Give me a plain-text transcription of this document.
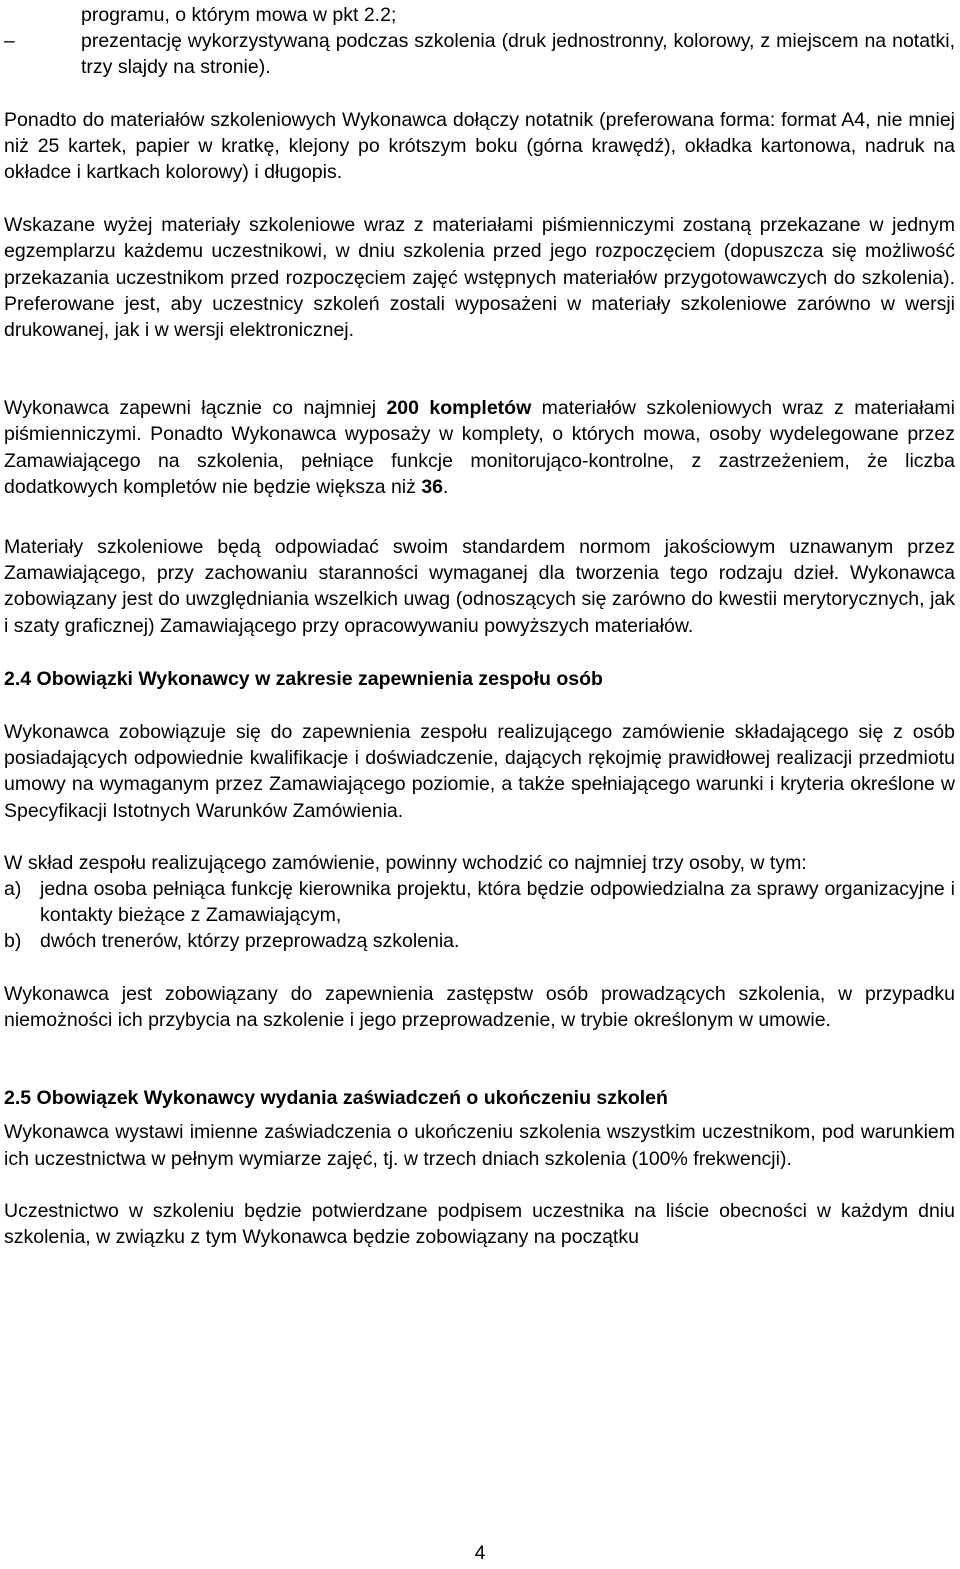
programu, o którym mowa w pkt 2.2;

–	prezentację wykorzystywaną podczas szkolenia (druk jednostronny, kolorowy, z miejscem na notatki, trzy slajdy na stronie).

Ponadto do materiałów szkoleniowych Wykonawca dołączy notatnik (preferowana forma: format A4, nie mniej niż 25 kartek, papier w kratkę, klejony po krótszym boku (górna krawędź), okładka kartonowa, nadruk na okładce i kartkach kolorowy) i długopis.

Wskazane wyżej materiały szkoleniowe wraz z materiałami piśmienniczymi zostaną przekazane w jednym egzemplarzu każdemu uczestnikowi, w dniu szkolenia przed jego rozpoczęciem (dopuszcza się możliwość przekazania uczestnikom przed rozpoczęciem zajęć wstępnych materiałów przygotowawczych do szkolenia). Preferowane jest, aby uczestnicy szkoleń zostali wyposażeni w materiały szkoleniowe zarówno w wersji drukowanej, jak i w wersji elektronicznej.

Wykonawca zapewni łącznie co najmniej 200 kompletów materiałów szkoleniowych wraz z materiałami piśmienniczymi. Ponadto Wykonawca wyposaży w komplety, o których mowa, osoby wydelegowane przez Zamawiającego na szkolenia, pełniące funkcje monitorująco-kontrolne, z zastrzeżeniem, że liczba dodatkowych kompletów nie będzie większa niż 36.

Materiały szkoleniowe będą odpowiadać swoim standardem normom jakościowym uznawanym przez Zamawiającego, przy zachowaniu staranności wymaganej dla tworzenia tego rodzaju dzieł. Wykonawca zobowiązany jest do uwzględniania wszelkich uwag (odnoszących się zarówno do kwestii merytorycznych, jak i szaty graficznej) Zamawiającego przy opracowywaniu powyższych materiałów.

2.4 Obowiązki Wykonawcy w zakresie zapewnienia zespołu osób

Wykonawca zobowiązuje się do zapewnienia zespołu realizującego zamówienie składającego się z osób posiadających odpowiednie kwalifikacje i doświadczenie, dających rękojmię prawidłowej realizacji przedmiotu umowy na wymaganym przez Zamawiającego poziomie, a także spełniającego warunki i kryteria określone w Specyfikacji Istotnych Warunków Zamówienia.

W skład zespołu realizującego zamówienie, powinny wchodzić co najmniej trzy osoby, w tym:

a) jedna osoba pełniąca funkcję kierownika projektu, która będzie odpowiedzialna za sprawy organizacyjne i kontakty bieżące z Zamawiającym,
b) dwóch trenerów, którzy przeprowadzą szkolenia.

Wykonawca jest zobowiązany do zapewnienia zastępstw osób prowadzących szkolenia, w przypadku niemożności ich przybycia na szkolenie i jego przeprowadzenie, w trybie określonym w umowie.

2.5 Obowiązek Wykonawcy wydania zaświadczeń o ukończeniu szkoleń

Wykonawca wystawi imienne zaświadczenia o ukończeniu szkolenia wszystkim uczestnikom, pod warunkiem ich uczestnictwa w pełnym wymiarze zajęć, tj. w trzech dniach szkolenia (100% frekwencji).

Uczestnictwo w szkoleniu będzie potwierdzane podpisem uczestnika na liście obecności w każdym dniu szkolenia, w związku z tym Wykonawca będzie zobowiązany na początku

4
